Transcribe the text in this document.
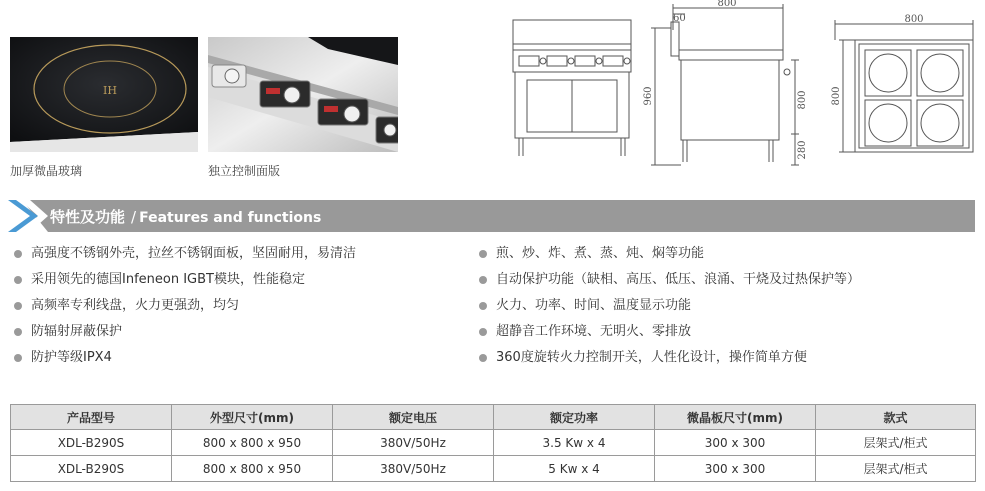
IH
加厚微晶玻璃	独立控制面版
800
60
960	800
280
800
800
特性及功能 / Features and functions
高强度不锈钢外壳，拉丝不锈钢面板，坚固耐用，易清洁
采用领先的德国Infeneon IGBT模块，性能稳定
高频率专利线盘，火力更强劲，均匀
防辐射屏蔽保护
防护等级IPX4
煎、炒、炸、煮、蒸、炖、焖等功能
自动保护功能（缺相、高压、低压、浪涌、干烧及过热保护等）
火力、功率、时间、温度显示功能
超静音工作环境、无明火、零排放
360度旋转火力控制开关，人性化设计，操作简单方便
产品型号	外型尺寸(mm)	额定电压	额定功率	微晶板尺寸(mm)	款式
XDL-B290S	800 x 800 x 950	380V/50Hz	3.5 Kw x 4	300 x 300	层架式/柜式
XDL-B290S	800 x 800 x 950	380V/50Hz	5 Kw x 4	300 x 300	层架式/柜式
